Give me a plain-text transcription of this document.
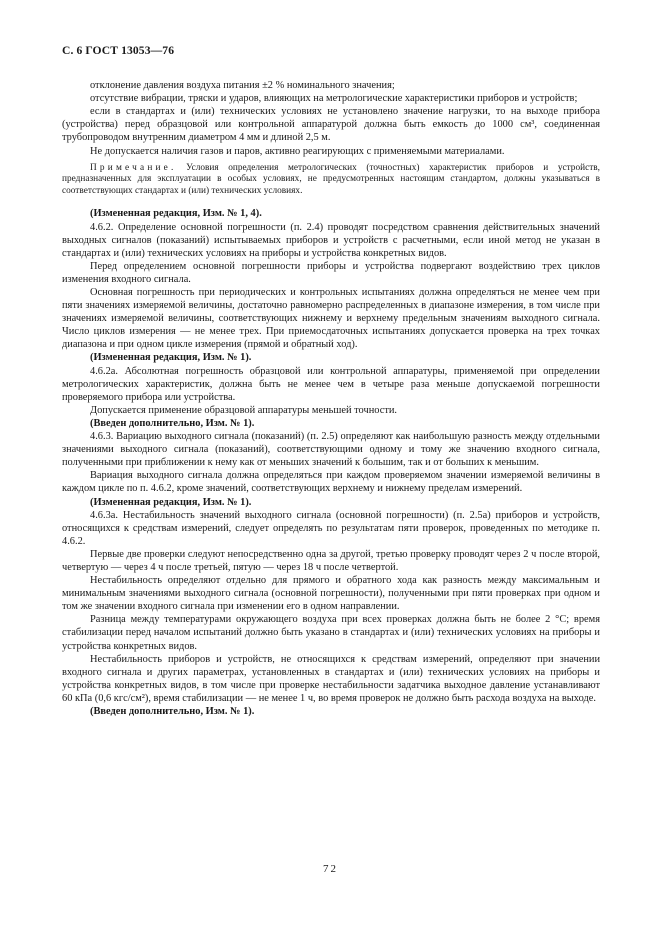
С. 6 ГОСТ 13053—76

отклонение давления воздуха питания ±2 % номинального значения;

отсутствие вибрации, тряски и ударов, влияющих на метрологические характеристики приборов и устройств;

если в стандартах и (или) технических условиях не установлено значение нагрузки, то на выходе прибора (устройства) перед образцовой или контрольной аппаратурой должна быть емкость до 1000 см³, соединенная трубопроводом внутренним диаметром 4 мм и длиной 2,5 м.

Не допускается наличия газов и паров, активно реагирующих с применяемыми материалами.

Примечание. Условия определения метрологических (точностных) характеристик приборов и устройств, предназначенных для эксплуатации в особых условиях, не предусмотренных настоящим стандартом, должны указываться в соответствующих стандартах и (или) технических условиях.

(Измененная редакция, Изм. № 1, 4).

4.6.2. Определение основной погрешности (п. 2.4) проводят посредством сравнения действительных значений выходных сигналов (показаний) испытываемых приборов и устройств с расчетными, если иной метод не указан в стандартах и (или) технических условиях на приборы и устройства конкретных видов.

Перед определением основной погрешности приборы и устройства подвергают воздействию трех циклов изменения входного сигнала.

Основная погрешность при периодических и контрольных испытаниях должна определяться не менее чем при пяти значениях измеряемой величины, достаточно равномерно распределенных в диапазоне измерения, в том числе при значениях измеряемой величины, соответствующих нижнему и верхнему предельным значениям выходного сигнала. Число циклов измерения — не менее трех. При приемосдаточных испытаниях допускается проверка на трех точках диапазона и при одном цикле измерения (прямой и обратный ход).

(Измененная редакция, Изм. № 1).

4.6.2а. Абсолютная погрешность образцовой или контрольной аппаратуры, применяемой при определении метрологических характеристик, должна быть не менее чем в четыре раза меньше допускаемой погрешности проверяемого прибора или устройства.

Допускается применение образцовой аппаратуры меньшей точности.

(Введен дополнительно, Изм. № 1).

4.6.3. Вариацию выходного сигнала (показаний) (п. 2.5) определяют как наибольшую разность между отдельными значениями выходного сигнала (показаний), соответствующими одному и тому же значению входного сигнала, полученными при приближении к нему как от меньших значений к большим, так и от больших к меньшим.

Вариация выходного сигнала должна определяться при каждом проверяемом значении измеряемой величины в каждом цикле по п. 4.6.2, кроме значений, соответствующих верхнему и нижнему пределам измерений.

(Измененная редакция, Изм. № 1).

4.6.3а. Нестабильность значений выходного сигнала (основной погрешности) (п. 2.5а) приборов и устройств, относящихся к средствам измерений, следует определять по результатам пяти проверок, проведенных по методике п. 4.6.2.

Первые две проверки следуют непосредственно одна за другой, третью проверку проводят через 2 ч после второй, четвертую — через 4 ч после третьей, пятую — через 18 ч после четвертой.

Нестабильность определяют отдельно для прямого и обратного хода как разность между максимальным и минимальным значениями выходного сигнала (основной погрешности), полученными при пяти проверках при одном и том же значении входного сигнала при изменении его в одном направлении.

Разница между температурами окружающего воздуха при всех проверках должна быть не более 2 °С; время стабилизации перед началом испытаний должно быть указано в стандартах и (или) технических условиях на приборы и устройства конкретных видов.

Нестабильность приборов и устройств, не относящихся к средствам измерений, определяют при значении входного сигнала и других параметрах, установленных в стандартах и (или) технических условиях на приборы и устройства конкретных видов, в том числе при проверке нестабильности задатчика выходное давление устанавливают 60 кПа (0,6 кгс/см²), время стабилизации — не менее 1 ч, во время проверок не должно быть расхода воздуха на выходе.

(Введен дополнительно, Изм. № 1).

72
